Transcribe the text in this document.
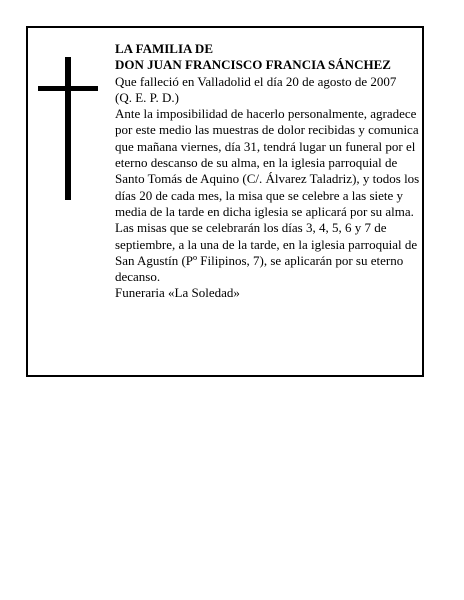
LA FAMILIA DE

DON JUAN FRANCISCO FRANCIA SÁNCHEZ

Que falleció en Valladolid el día 20 de agosto de 2007

(Q. E. P. D.)

Ante la imposibilidad de hacerlo personalmente, agradece por este medio las muestras de dolor recibidas y comunica que mañana viernes, día 31, tendrá lugar un funeral por el eterno descanso de su alma, en la iglesia parroquial de Santo Tomás de Aquino (C/. Álvarez Taladriz), y todos los días 20 de cada mes, la misa que se celebre a las siete y media de la tarde en dicha iglesia se aplicará por su alma.

Las misas que se celebrarán los días 3, 4, 5, 6 y 7 de septiembre, a la una de la tarde, en la iglesia parroquial de San Agustín (Pº Filipinos, 7), se aplicarán por su eterno decanso.

Funeraria «La Soledad»
